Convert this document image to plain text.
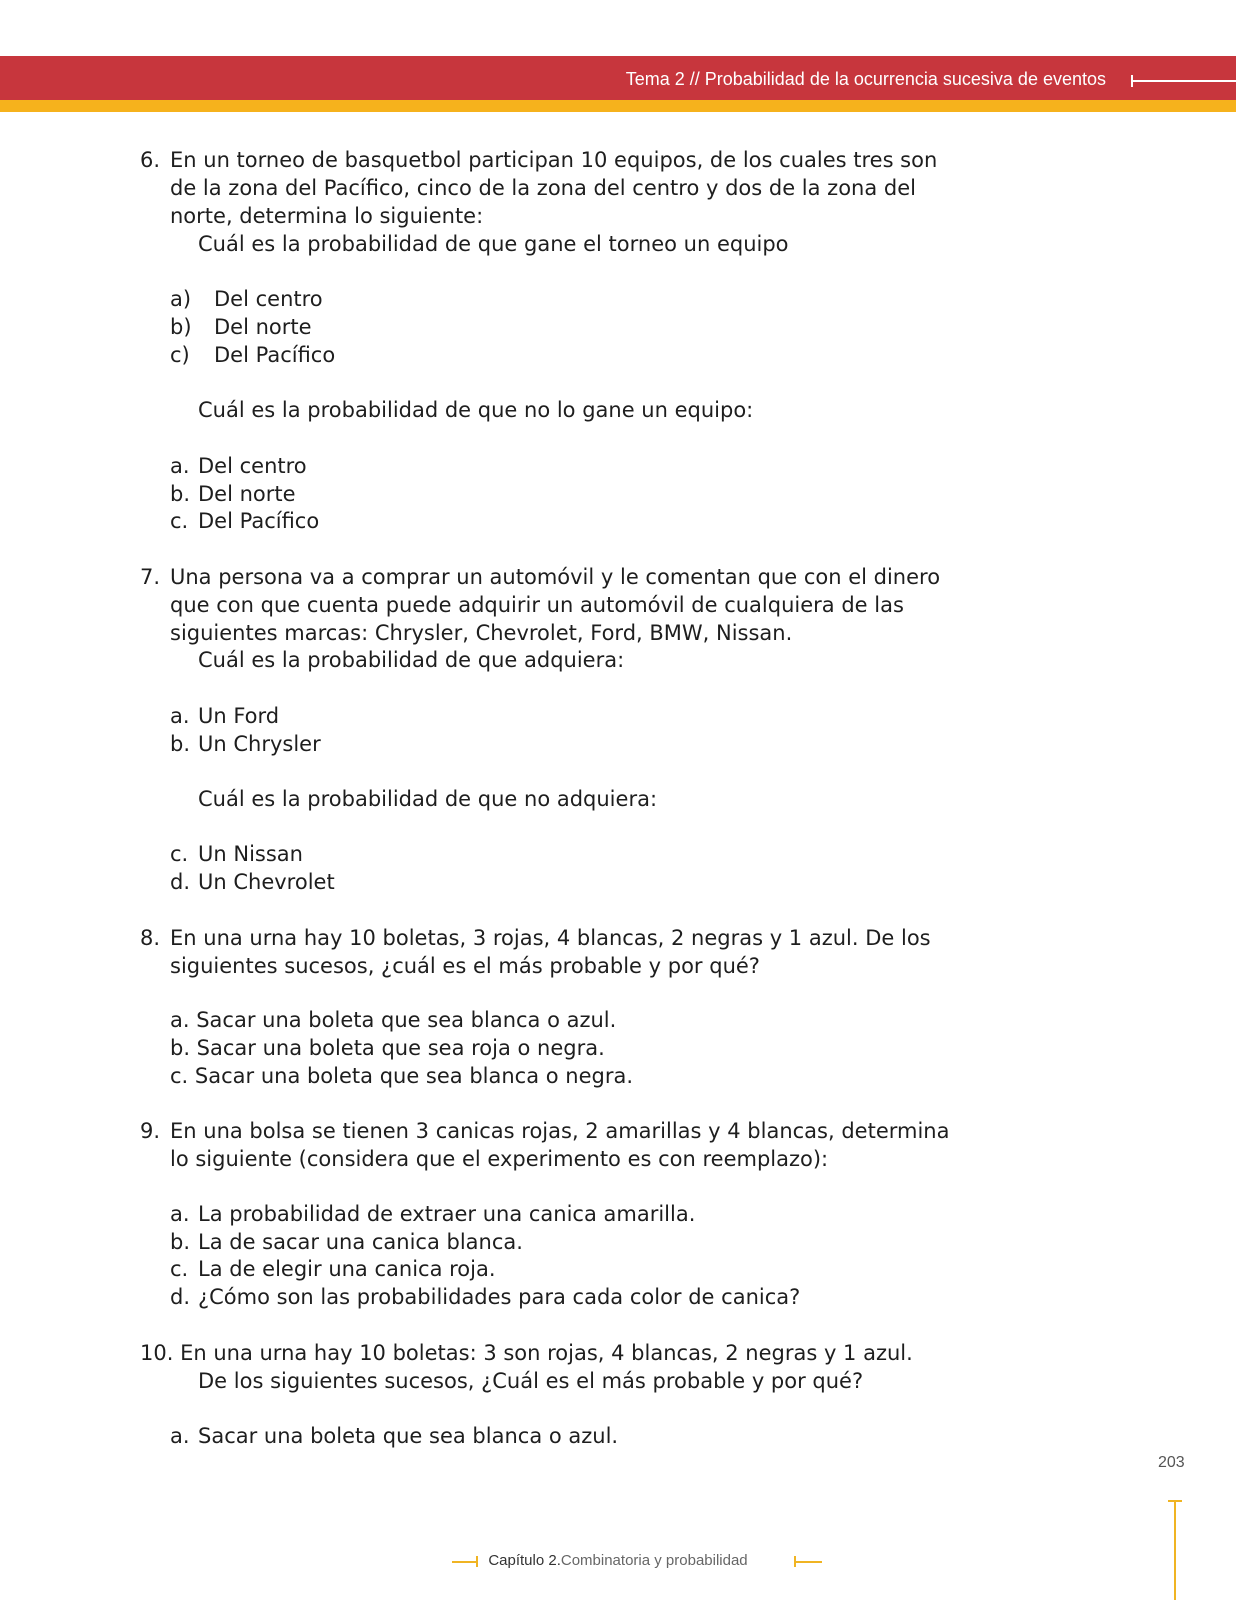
Tema 2 // Probabilidad de la ocurrencia sucesiva de eventos
6. En un torneo de basquetbol participan 10 equipos, de los cuales tres son
de la zona del Pacífico, cinco de la zona del centro y dos de la zona del
norte, determina lo siguiente:
Cuál es la probabilidad de que gane el torneo un equipo
a) Del centro
b) Del norte
c) Del Pacífico
Cuál es la probabilidad de que no lo gane un equipo:
a. Del centro
b. Del norte
c. Del Pacífico
7. Una persona va a comprar un automóvil y le comentan que con el dinero
que con que cuenta puede adquirir un automóvil de cualquiera de las
siguientes marcas: Chrysler, Chevrolet, Ford, BMW, Nissan.
Cuál es la probabilidad de que adquiera:
a. Un Ford
b. Un Chrysler
Cuál es la probabilidad de que no adquiera:
c. Un Nissan
d. Un Chevrolet
8. En una urna hay 10 boletas, 3 rojas, 4 blancas, 2 negras y 1 azul. De los
siguientes sucesos, ¿cuál es el más probable y por qué?
a. Sacar una boleta que sea blanca o azul.
b. Sacar una boleta que sea roja o negra.
c. Sacar una boleta que sea blanca o negra.
9. En una bolsa se tienen 3 canicas rojas, 2 amarillas y 4 blancas, determina
lo siguiente (considera que el experimento es con reemplazo):
a. La probabilidad de extraer una canica amarilla.
b. La de sacar una canica blanca.
c. La de elegir una canica roja.
d. ¿Cómo son las probabilidades para cada color de canica?
10. En una urna hay 10 boletas: 3 son rojas, 4 blancas, 2 negras y 1 azul.
De los siguientes sucesos, ¿Cuál es el más probable y por qué?
a. Sacar una boleta que sea blanca o azul.
203
Capítulo 2.Combinatoria y probabilidad
